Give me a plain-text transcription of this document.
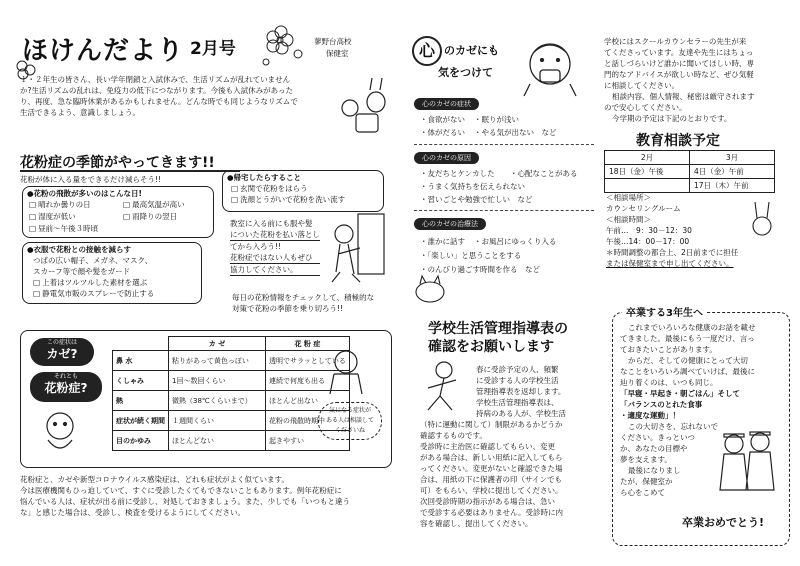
ほけんだより 2月号	蓼野台高校
保健室
１・２年生の皆さん、長い学年閉鎖と入試休みで、生活リズムが乱れていません
か?生活リズムの乱れは、免疫力の低下につながります。今後も入試休みがあった
り、再度、急な臨時休業があるかもしれません。どんな時でも同じようなリズムで
生活できるよう、意識しましょう。
花粉症の季節がやってきます!!
花粉が体に入る量をできるだけ減らそう!!
●花粉の飛散が多いのはこんな日!
□ 晴れか曇りの日	□ 最高気温が高い
□ 湿度が低い	□ 雨降りの翌日
□ 昼前～午後３時頃
●衣服で花粉との接触を減らす
つばの広い帽子、メガネ、マスク、
スカーフ等で顔や髪をガード
□ 上着はツルツルした素材を選ぶ
□ 静電気市販のスプレーで防止する
●帰宅したらすること
□ 玄関で花粉をはらう
□ 洗顔とうがいで花粉を洗い流す
教室に入る前にも服や髪
についた花粉を払い落とし
てから入ろう!!
花粉症ではない人もぜひ
協力してください。
毎日の花粉情報をチェックして、積極的な
対策で花粉の季節を乗り切ろう!!
この症状は
カゼ?
それとも
花粉症?
	カ ゼ	花 粉 症
鼻 水	粘りがあって黄色っぽい	透明でサラッとしている
くしゃみ	1回～数回くらい	連続で何度も出る
熱	微熱（38℃くらいまで）	ほとんど出ない
症状が続く期間	１週間くらい	花粉の飛散時期中
目のかゆみ	ほとんどない	起きやすい
気になる症状が
ある人は相談して
くださいね
花粉症と、カゼや新型コロナウイルス感染症は、どれも症状がよく似ています。
今は医療機関もひっ迫していて、すぐに受診したくてもできないこともあります。例年花粉症に
悩んでいる人は、症状が出る前に受診し、対処しておきましょう。また、少しでも「いつもと違う
な」と感じた場合は、受診し、検査を受けるようにしてください。
心 のカゼにも
気をつけて
心のカゼの症状
・ 食欲がない	・ 眠りが浅い
・ 体がだるい	・ やる気が出ない　など
心のカゼの原因
・ 友だちとケンカした	・ 心配なことがある
・ うまく気持ちを伝えられない
・ 習いごとや勉強で忙しい　など
心のカゼの治療法
・ 誰かに話す	・ お風呂にゆっくり入る
・ 「楽しい」と思うことをする
・ のんびり過ごす時間を作る　など
学校にはスクールカウンセラーの先生が来
てくださっています。友達や先生にはちょっ
と話しづらいけど誰かに聞いてほしい時、専
門的なアドバイスが欲しい時など、ぜひ気軽
に相談してください。
相談内容、個人情報、秘密は厳守されます
ので安心してください。
今学期の予定は下記のとおりです。
教育相談予定
2月	3月
18日（金）午後	4日（金）午前
	17日（木）午前
＜相談場所＞
カウンセリングルーム
＜相談時間＞
午前…　9：30－12：30
午後…14：00－17：00
＊時間調整の都合上、2日前までに担任
または保健室まで申し出てください。
学校生活管理指導表の
確認をお願いします
春に受診予定の人、頻繁
に受診する人の学校生活
管理指導表を返却します。
学校生活管理指導表は、
持病のある人が、学校生活
（特に運動に関して）制限があるかどうか
確認するものです。
受診時に主治医に確認してもらい、変更
がある場合は、新しい用紙に記入してもら
ってください。変更がないと確認できた場
合は、用紙の下に保護者の印（サインでも
可）をもらい、学校に提出してください。
次回受診時期の指示がある場合は、急い
で受診する必要はありません。受診時に内
容を確認し、提出してください。
卒業する3年生へ
これまでいろいろな健康のお話を載せ
てきました。最後にもう一度だけ、言っ
ておきたいことがあります。
からだ、そしての健康にとって大切
なことをいろいろ調べていけば、最後に
辿り着くのは、いつも同じ。
「早寝・早起き・朝ごはん」そして
「バランスのとれた食事
・適度な運動」！
この大切さを、忘れないで
ください。きっといつ
か、あなたの目標や
夢を支えます。
最後になりまし
たが、保健室か
ら心をこめて
卒業おめでとう!
